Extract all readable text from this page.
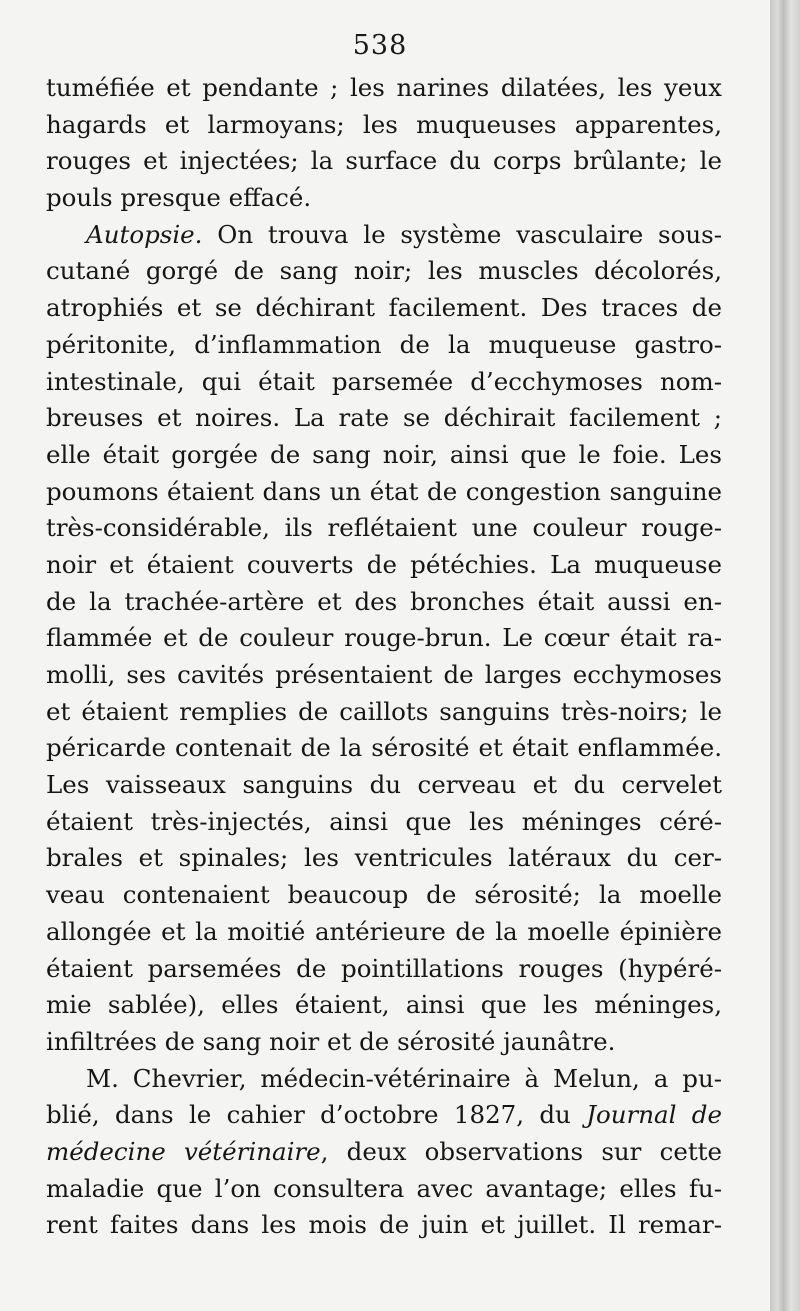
538
tuméfiée et pendante ; les narines dilatées, les yeux
hagards et larmoyans; les muqueuses apparentes,
rouges et injectées; la surface du corps brûlante; le
pouls presque effacé.
Autopsie. On trouva le système vasculaire sous-
cutané gorgé de sang noir; les muscles décolorés,
atrophiés et se déchirant facilement. Des traces de
péritonite, d’inflammation de la muqueuse gastro-
intestinale, qui était parsemée d’ecchymoses nom-
breuses et noires. La rate se déchirait facilement ;
elle était gorgée de sang noir, ainsi que le foie. Les
poumons étaient dans un état de congestion sanguine
très-considérable, ils reflétaient une couleur rouge-
noir et étaient couverts de pétéchies. La muqueuse
de la trachée-artère et des bronches était aussi en-
flammée et de couleur rouge-brun. Le cœur était ra-
molli, ses cavités présentaient de larges ecchymoses
et étaient remplies de caillots sanguins très-noirs; le
péricarde contenait de la sérosité et était enflammée.
Les vaisseaux sanguins du cerveau et du cervelet
étaient très-injectés, ainsi que les méninges céré-
brales et spinales; les ventricules latéraux du cer-
veau contenaient beaucoup de sérosité; la moelle
allongée et la moitié antérieure de la moelle épinière
étaient parsemées de pointillations rouges (hypéré-
mie sablée), elles étaient, ainsi que les méninges,
infiltrées de sang noir et de sérosité jaunâtre.
M. Chevrier, médecin-vétérinaire à Melun, a pu-
blié, dans le cahier d’octobre 1827, du Journal de
médecine vétérinaire, deux observations sur cette
maladie que l’on consultera avec avantage; elles fu-
rent faites dans les mois de juin et juillet. Il remar-
